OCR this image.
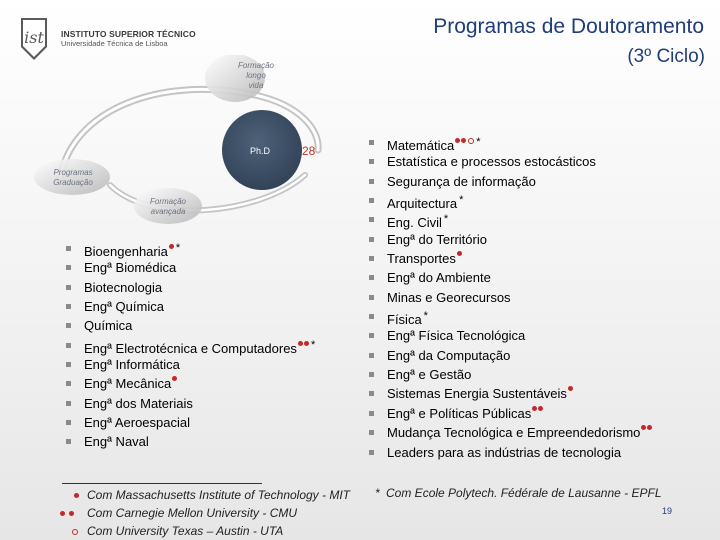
ist INSTITUTO SUPERIOR TÉCNICO
Universidade Técnica de Lisboa
Programas de Doutoramento
(3º Ciclo)
Formação
longo
vida
Programas
Graduação
Formação
avançada
Ph.D	28
Bioengenharia *
Engª Biomédica
Biotecnologia
Engª Química
Química
Engª Electrotécnica e Computadores *
Engª Informática
Engª Mecânica
Engª dos Materiais
Engª Aeroespacial
Engª Naval
Matemática *
Estatística e processos estocásticos
Segurança de informação
Arquitectura *
Eng. Civil *
Engª do Território
Transportes
Engª do Ambiente
Minas e Georecursos
Física *
Engª Física Tecnológica
Engª da Computação
Engª e Gestão
Sistemas Energia Sustentáveis
Engª e Políticas Públicas
Mudança Tecnológica e Empreendedorismo
Leaders para as indústrias de tecnologia
Com Massachusetts Institute of Technology - MIT
Com Carnegie Mellon University - CMU
Com University Texas – Austin - UTA
* Com Ecole Polytech. Fédérale de Lausanne - EPFL
19
